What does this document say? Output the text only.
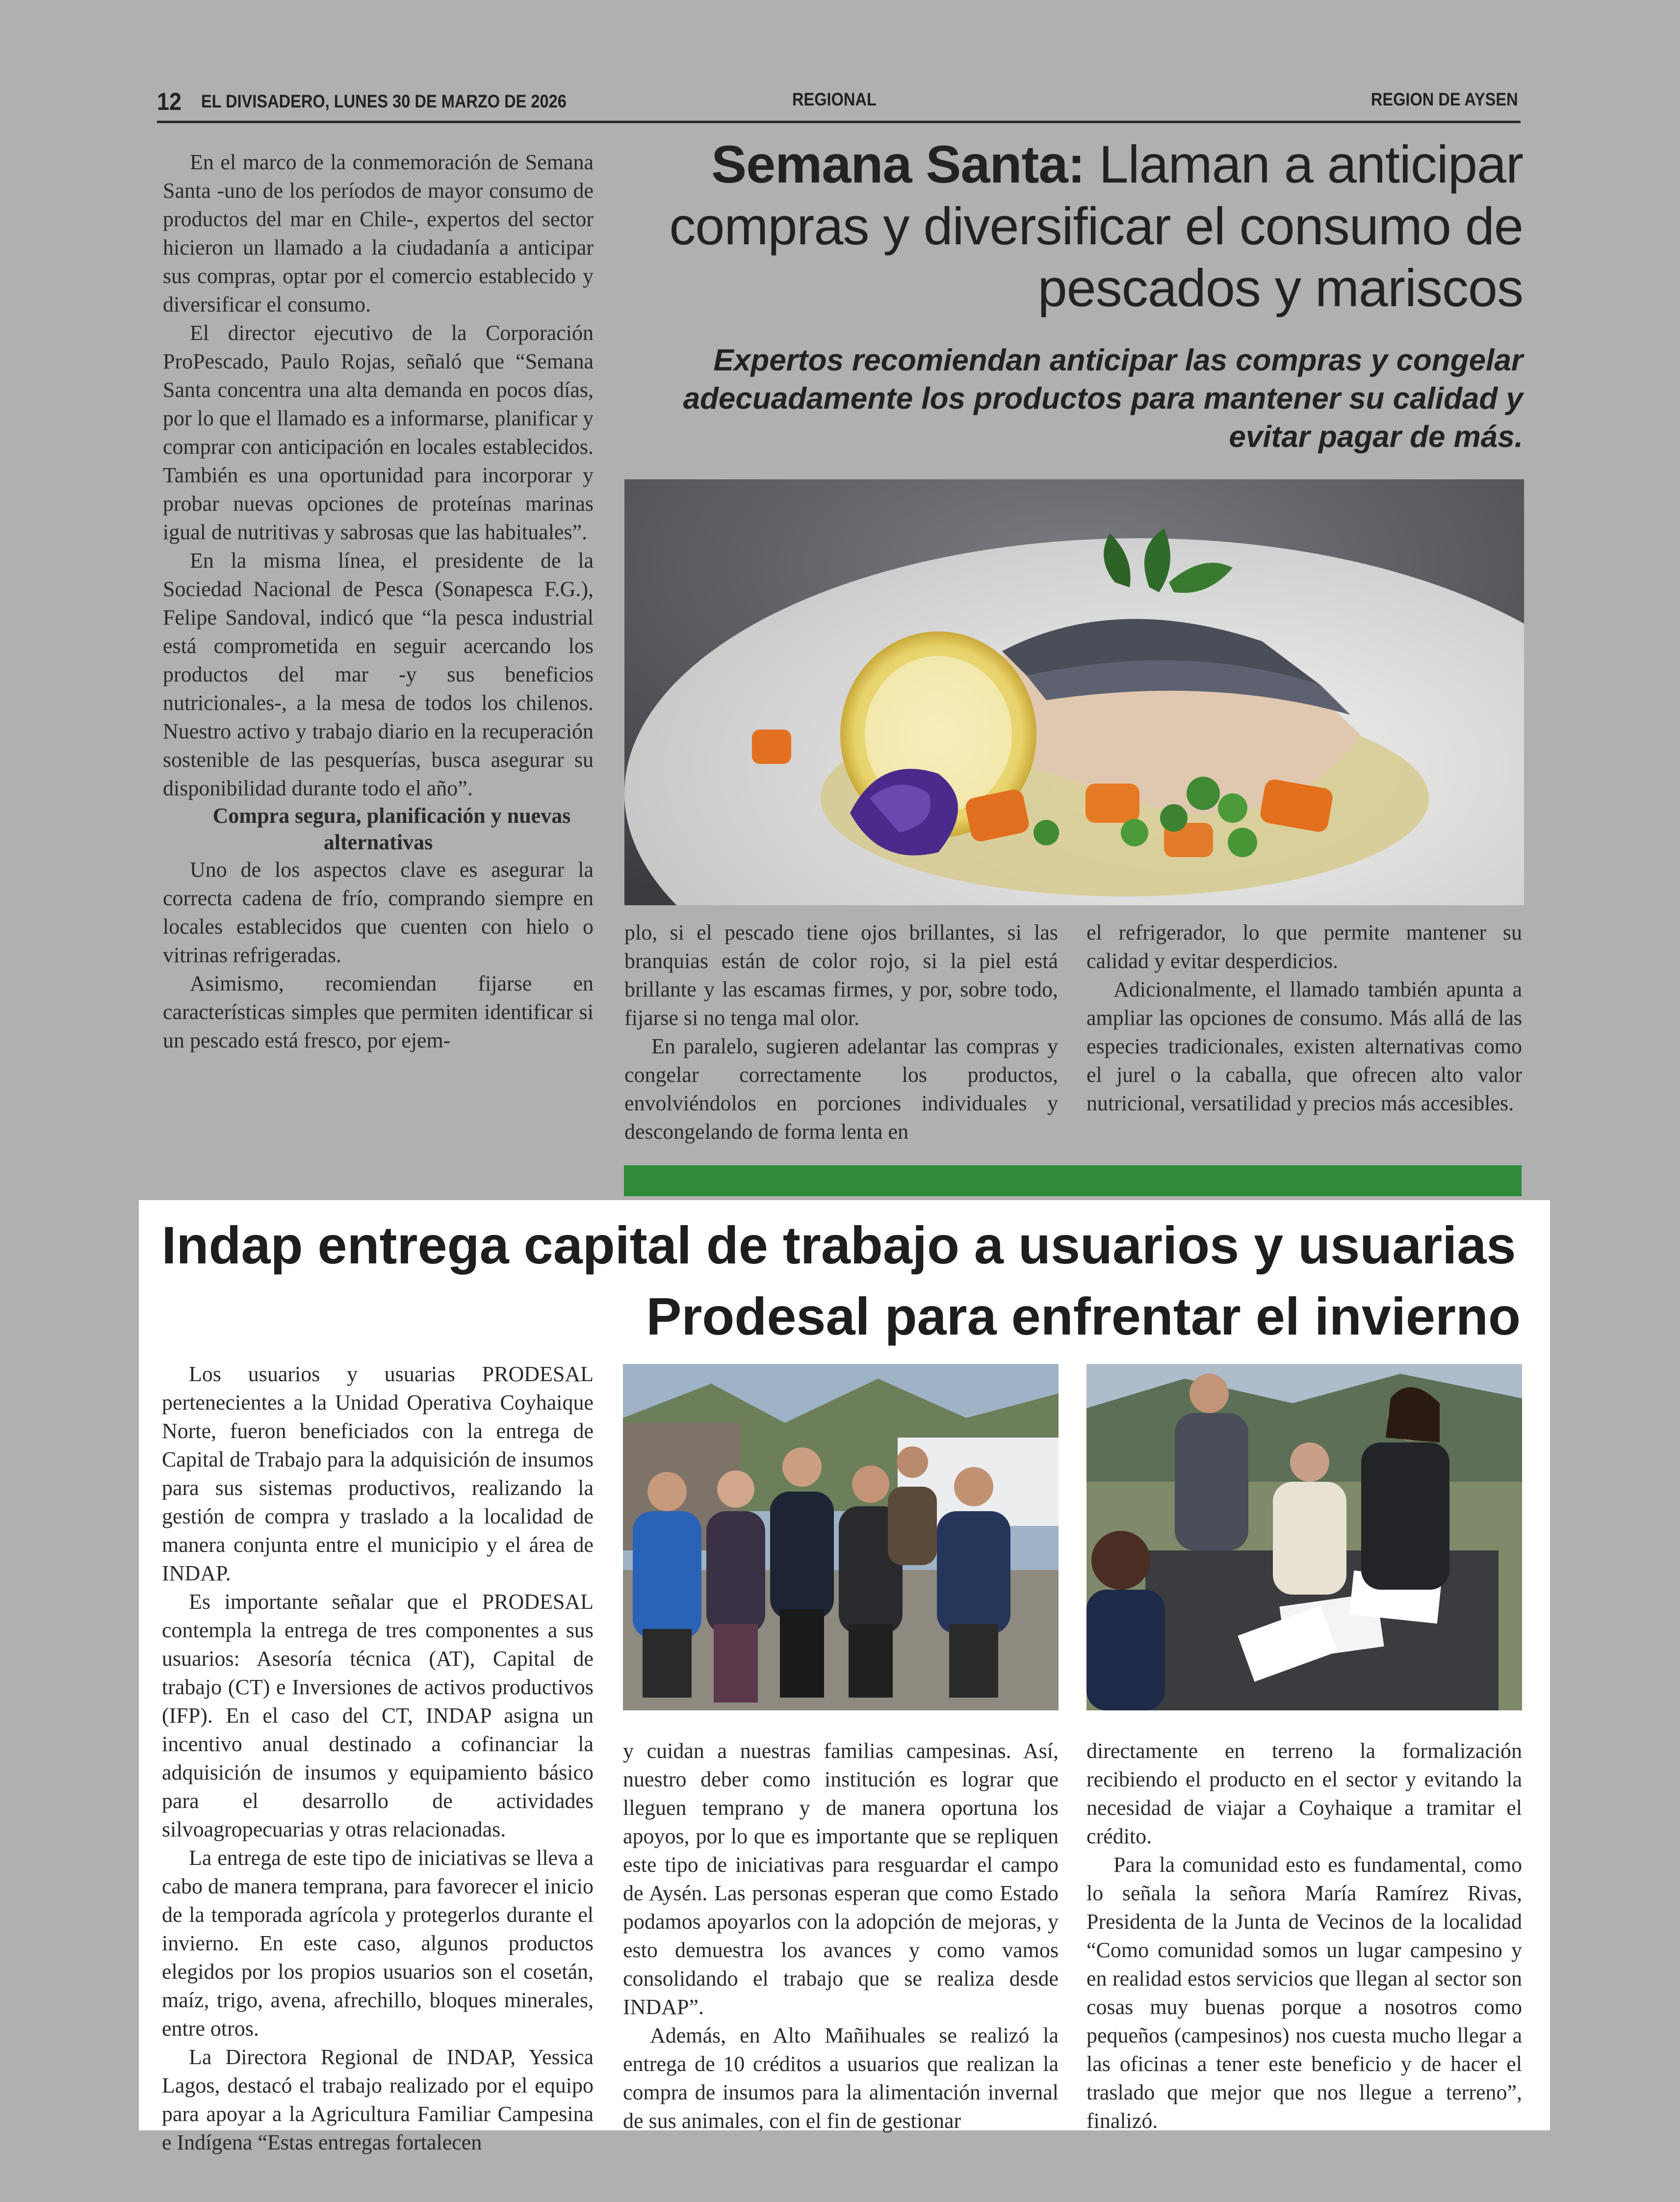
12 EL DIVISADERO, LUNES 30 DE MARZO DE 2026	REGIONAL	REGION DE AYSEN

En el marco de la conmemoración de Semana Santa -uno de los períodos de mayor consumo de productos del mar en Chile-, expertos del sector hicieron un llamado a la ciudadanía a anticipar sus compras, optar por el comercio establecido y diversificar el consumo.

El director ejecutivo de la Corporación ProPescado, Paulo Rojas, señaló que “Semana Santa concentra una alta demanda en pocos días, por lo que el llamado es a informarse, planificar y comprar con anticipación en locales establecidos. También es una oportunidad para incorporar y probar nuevas opciones de proteínas marinas igual de nutritivas y sabrosas que las habituales”.

En la misma línea, el presidente de la Sociedad Nacional de Pesca (Sonapesca F.G.), Felipe Sandoval, indicó que “la pesca industrial está comprometida en seguir acercando los productos del mar -y sus beneficios nutricionales-, a la mesa de todos los chilenos. Nuestro activo y trabajo diario en la recuperación sostenible de las pesquerías, busca asegurar su disponibilidad durante todo el año”.

Compra segura, planificación y nuevas alternativas

Uno de los aspectos clave es asegurar la correcta cadena de frío, comprando siempre en locales establecidos que cuenten con hielo o vitrinas refrigeradas.

Asimismo, recomiendan fijarse en características simples que permiten identificar si un pescado está fresco, por ejem-

Semana Santa: Llaman a anticipar compras y diversificar el consumo de pescados y mariscos
Expertos recomiendan anticipar las compras y congelar adecuadamente los productos para mantener su calidad y evitar pagar de más.

plo, si el pescado tiene ojos brillantes, si las branquias están de color rojo, si la piel está brillante y las escamas firmes, y por, sobre todo, fijarse si no tenga mal olor.

En paralelo, sugieren adelantar las compras y congelar correctamente los productos, envolviéndolos en porciones individuales y descongelando de forma lenta en

el refrigerador, lo que permite mantener su calidad y evitar desperdicios.

Adicionalmente, el llamado también apunta a ampliar las opciones de consumo. Más allá de las especies tradicionales, existen alternativas como el jurel o la caballa, que ofrecen alto valor nutricional, versatilidad y precios más accesibles.

Indap entrega capital de trabajo a usuarios y usuarias
Prodesal para enfrentar el invierno

Los usuarios y usuarias PRODESAL pertenecientes a la Unidad Operativa Coyhaique Norte, fueron beneficiados con la entrega de Capital de Trabajo para la adquisición de insumos para sus sistemas productivos, realizando la gestión de compra y traslado a la localidad de manera conjunta entre el municipio y el área de INDAP.

Es importante señalar que el PRODESAL contempla la entrega de tres componentes a sus usuarios: Asesoría técnica (AT), Capital de trabajo (CT) e Inversiones de activos productivos (IFP). En el caso del CT, INDAP asigna un incentivo anual destinado a cofinanciar la adquisición de insumos y equipamiento básico para el desarrollo de actividades silvoagropecuarias y otras relacionadas.

La entrega de este tipo de iniciativas se lleva a cabo de manera temprana, para favorecer el inicio de la temporada agrícola y protegerlos durante el invierno. En este caso, algunos productos elegidos por los propios usuarios son el cosetán, maíz, trigo, avena, afrechillo, bloques minerales, entre otros.

La Directora Regional de INDAP, Yessica Lagos, destacó el trabajo realizado por el equipo para apoyar a la Agricultura Familiar Campesina e Indígena “Estas entregas fortalecen

y cuidan a nuestras familias campesinas. Así, nuestro deber como institución es lograr que lleguen temprano y de manera oportuna los apoyos, por lo que es importante que se repliquen este tipo de iniciativas para resguardar el campo de Aysén. Las personas esperan que como Estado podamos apoyarlos con la adopción de mejoras, y esto demuestra los avances y como vamos consolidando el trabajo que se realiza desde INDAP”.

Además, en Alto Mañihuales se realizó la entrega de 10 créditos a usuarios que realizan la compra de insumos para la alimentación invernal de sus animales, con el fin de gestionar

directamente en terreno la formalización recibiendo el producto en el sector y evitando la necesidad de viajar a Coyhaique a tramitar el crédito.

Para la comunidad esto es fundamental, como lo señala la señora María Ramírez Rivas, Presidenta de la Junta de Vecinos de la localidad “Como comunidad somos un lugar campesino y en realidad estos servicios que llegan al sector son cosas muy buenas porque a nosotros como pequeños (campesinos) nos cuesta mucho llegar a las oficinas a tener este beneficio y de hacer el traslado que mejor que nos llegue a terreno”, finalizó.
